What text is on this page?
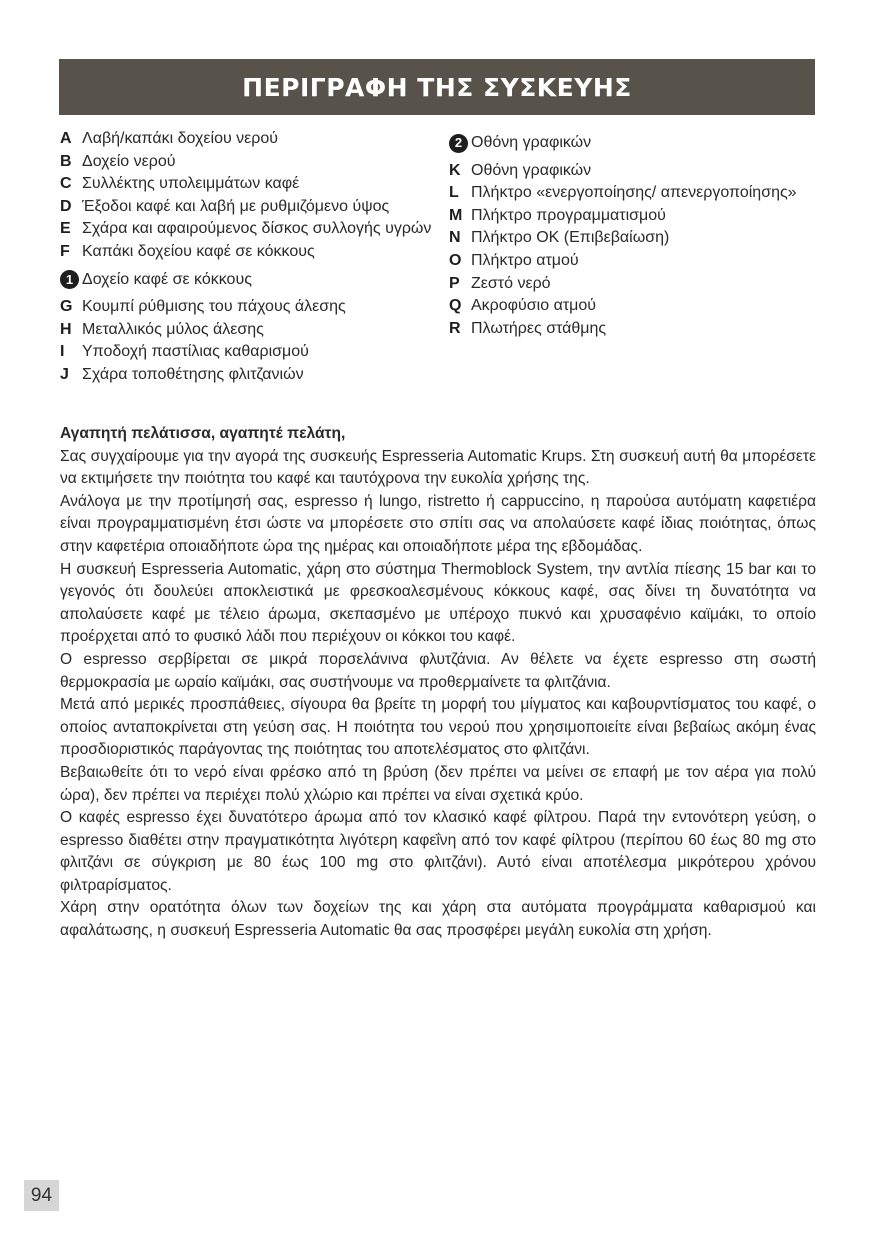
ΠΕΡΙΓΡΑΦΗ ΤΗΣ ΣΥΣΚΕΥΗΣ
A Λαβή/καπάκι δοχείου νερού
B Δοχείο νερού
C Συλλέκτης υπολειμμάτων καφέ
D Έξοδοι καφέ και λαβή με ρυθμιζόμενο ύψος
E Σχάρα και αφαιρούμενος δίσκος συλλογής υγρών
F Καπάκι δοχείου καφέ σε κόκκους
1 Δοχείο καφέ σε κόκκους
G Κουμπί ρύθμισης του πάχους άλεσης
H Μεταλλικός μύλος άλεσης
I	Υποδοχή παστίλιας καθαρισμού
J Σχάρα τοποθέτησης φλιτζανιών
2 Οθόνη γραφικών
K Οθόνη γραφικών
L Πλήκτρο «ενεργοποίησης/ απενεργοποίησης»
M Πλήκτρο προγραμματισμού
N Πλήκτρο OK (Επιβεβαίωση)
O Πλήκτρο ατμού
P Ζεστό νερό
Q Ακροφύσιο ατμού
R Πλωτήρες στάθμης

Αγαπητή πελάτισσα, αγαπητέ πελάτη,

Σας συγχαίρουμε για την αγορά της συσκευής Espresseria Automatic Krups. Στη συσκευή αυτή θα μπορέσετε να εκτιμήσετε την ποιότητα του καφέ και ταυτόχρονα την ευκολία χρήσης της.

Ανάλογα με την προτίμησή σας, espresso ή lungo, ristretto ή cappuccino, η παρούσα αυτόματη καφετιέρα είναι προγραμματισμένη έτσι ώστε να μπορέσετε στο σπίτι σας να απολαύσετε καφέ ίδιας ποιότητας, όπως στην καφετέρια οποιαδήποτε ώρα της ημέρας και οποιαδήποτε μέρα της εβδομάδας.

Η συσκευή Espresseria Automatic, χάρη στο σύστημα Thermoblock System, την αντλία πίεσης 15 bar και το γεγονός ότι δουλεύει αποκλειστικά με φρεσκοαλεσμένους κόκκους καφέ, σας δίνει τη δυνατότητα να απολαύσετε καφέ με τέλειο άρωμα, σκεπασμένο με υπέροχο πυκνό και χρυσαφένιο καϊμάκι, το οποίο προέρχεται από το φυσικό λάδι που περιέχουν οι κόκκοι του καφέ.

Ο espresso σερβίρεται σε μικρά πορσελάνινα φλυτζάνια. Αν θέλετε να έχετε espresso στη σωστή θερμοκρασία με ωραίο καϊμάκι, σας συστήνουμε να προθερμαίνετε τα φλιτζάνια.

Μετά από μερικές προσπάθειες, σίγουρα θα βρείτε τη μορφή του μίγματος και καβουρντίσματος του καφέ, ο οποίος ανταποκρίνεται στη γεύση σας. Η ποιότητα του νερού που χρησιμοποιείτε είναι βεβαίως ακόμη ένας προσδιοριστικός παράγοντας της ποιότητας του αποτελέσματος στο φλιτζάνι.

Βεβαιωθείτε ότι το νερό είναι φρέσκο από τη βρύση (δεν πρέπει να μείνει σε επαφή με τον αέρα για πολύ ώρα), δεν πρέπει να περιέχει πολύ χλώριο και πρέπει να είναι σχετικά κρύο.

Ο καφές espresso έχει δυνατότερο άρωμα από τον κλασικό καφέ φίλτρου. Παρά την εντονότερη γεύση, ο espresso διαθέτει στην πραγματικότητα λιγότερη καφεΐνη από τον καφέ φίλτρου (περίπου 60 έως 80 mg στο φλιτζάνι σε σύγκριση με 80 έως 100 mg στο φλιτζάνι). Αυτό είναι αποτέλεσμα μικρότερου χρόνου φιλτραρίσματος.

Χάρη στην ορατότητα όλων των δοχείων της και χάρη στα αυτόματα προγράμματα καθαρισμού και αφαλάτωσης, η συσκευή Espresseria Automatic θα σας προσφέρει μεγάλη ευκολία στη χρήση.

94
